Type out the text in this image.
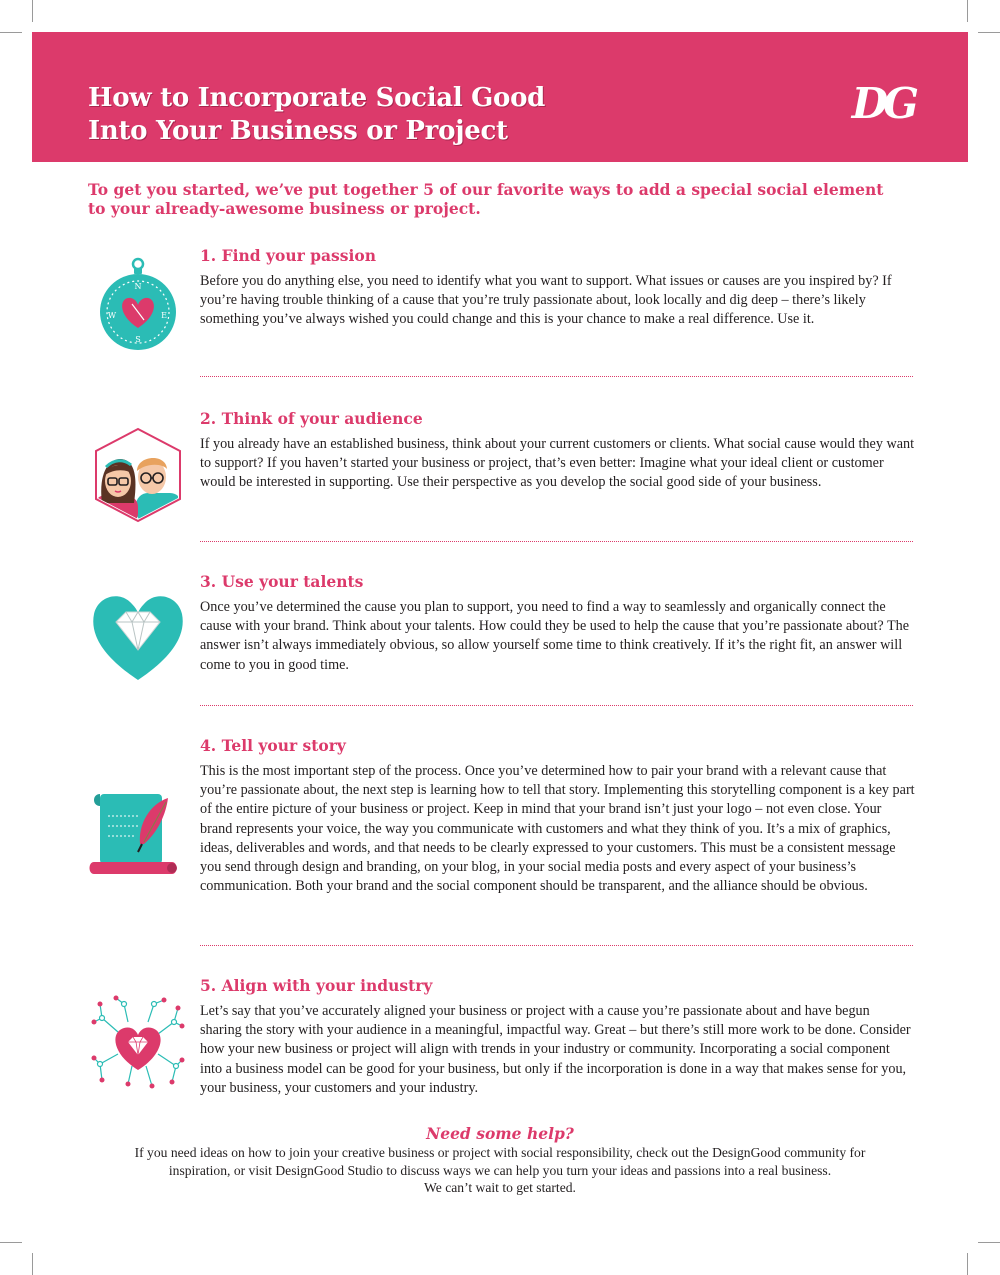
How to Incorporate Social Good
Into Your Business or Project
DG

To get you started, we’ve put together 5 of our favorite ways to add a special social element to your already-awesome business or project.

N
E
S
W
1. Find your passion

Before you do anything else, you need to identify what you want to support. What issues or causes are you inspired by? If you’re having trouble thinking of a cause that you’re truly passionate about, look locally and dig deep – there’s likely something you’ve always wished you could change and this is your chance to make a real difference. Use it.

2. Think of your audience

If you already have an established business, think about your current customers or clients. What social cause would they want to support? If you haven’t started your business or project, that’s even better: Imagine what your ideal client or customer would be interested in supporting. Use their perspective as you develop the social good side of your business.

3. Use your talents

Once you’ve determined the cause you plan to support, you need to find a way to seamlessly and organically connect the cause with your brand. Think about your talents. How could they be used to help the cause that you’re passionate about? The answer isn’t always immediately obvious, so allow yourself some time to think creatively. If it’s the right fit, an answer will come to you in good time.

4. Tell your story

This is the most important step of the process. Once you’ve determined how to pair your brand with a relevant cause that you’re passionate about, the next step is learning how to tell that story. Implementing this storytelling component is a key part of the entire picture of your business or project. Keep in mind that your brand isn’t just your logo – not even close. Your brand represents your voice, the way you communicate with customers and what they think of you. It’s a mix of graphics, ideas, deliverables and words, and that needs to be clearly expressed to your customers. This must be a consistent message you send through design and branding, on your blog, in your social media posts and every aspect of your business’s communication. Both your brand and the social component should be transparent, and the alliance should be obvious.

5. Align with your industry

Let’s say that you’ve accurately aligned your business or project with a cause you’re passionate about and have begun sharing the story with your audience in a meaningful, impactful way. Great – but there’s still more work to be done. Consider how your new business or project will align with trends in your industry or community. Incorporating a social component into a business model can be good for your business, but only if the incorporation is done in a way that makes sense for you, your business, your customers and your industry.

Need some help?

If you need ideas on how to join your creative business or project with social responsibility, check out the DesignGood community for
inspiration, or visit DesignGood Studio to discuss ways we can help you turn your ideas and passions into a real business.
We can’t wait to get started.
